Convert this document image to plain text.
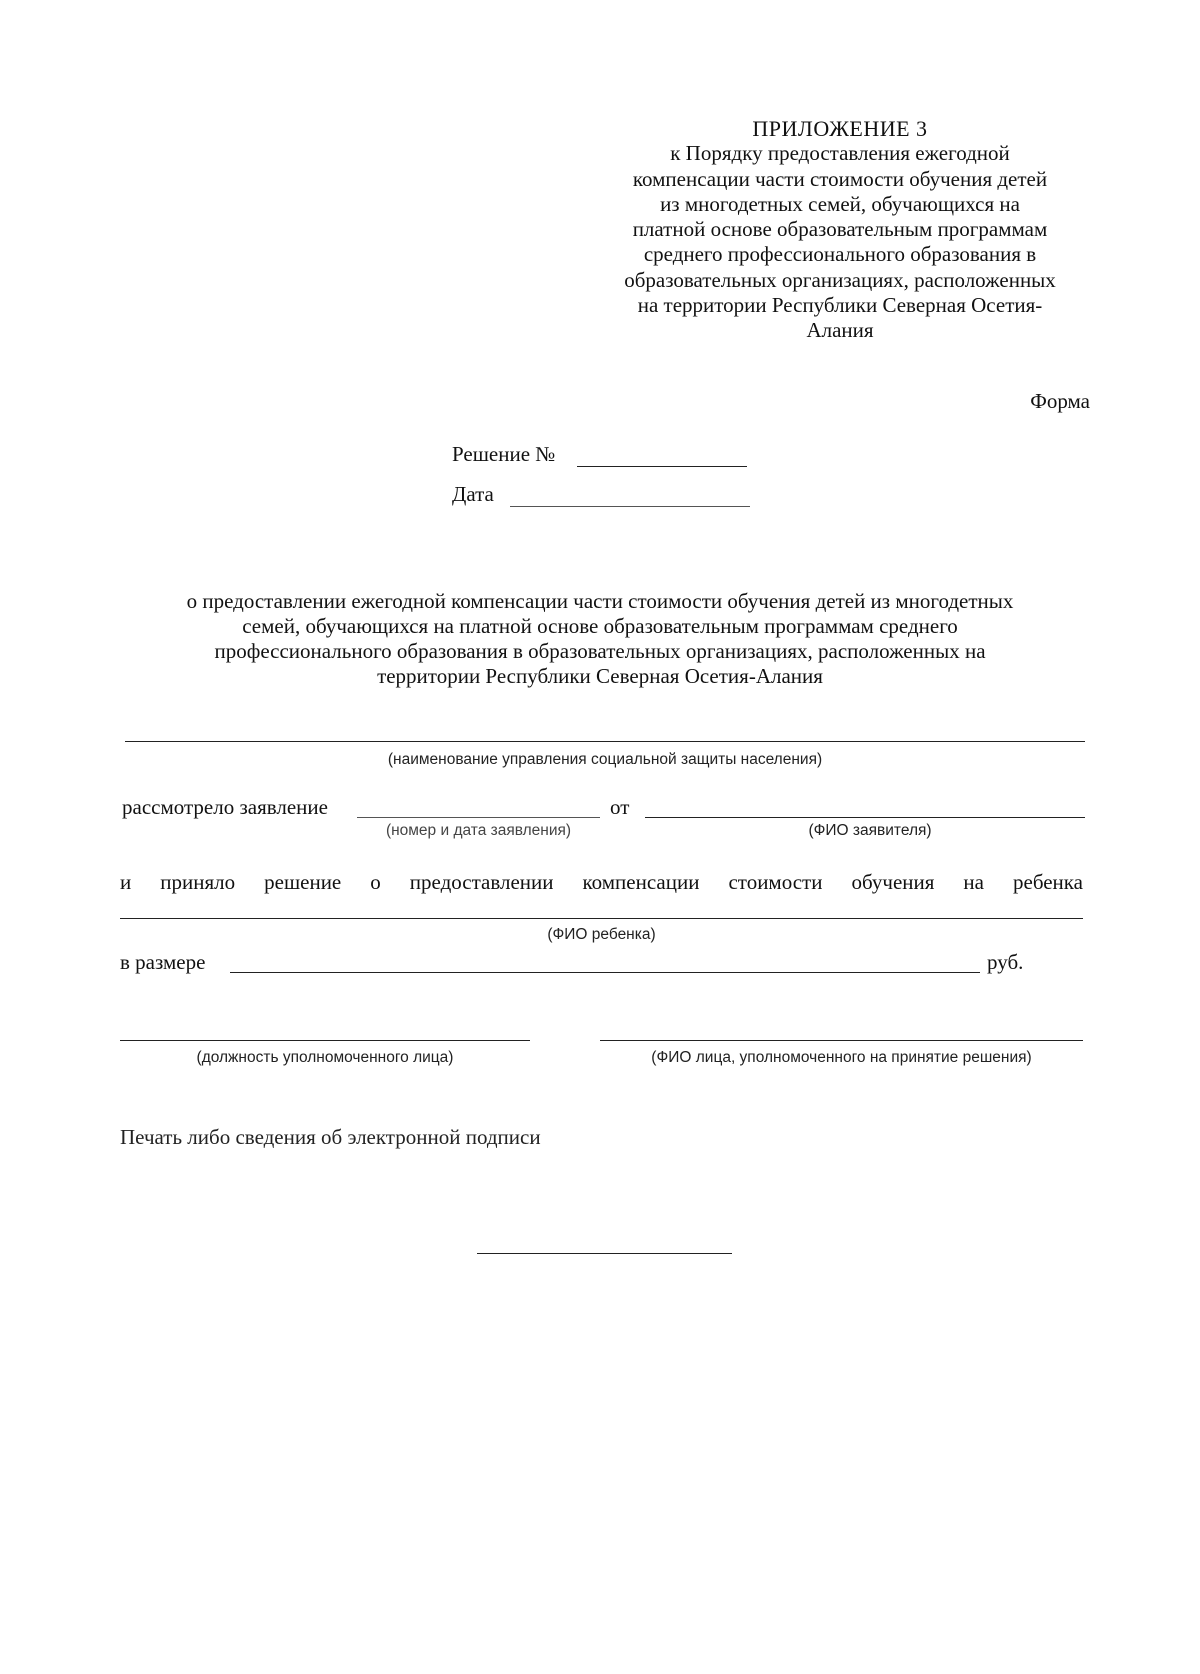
ПРИЛОЖЕНИЕ 3
к Порядку предоставления ежегодной
компенсации части стоимости обучения детей
из многодетных семей, обучающихся на
платной основе образовательным программам
среднего профессионального образования в
образовательных организациях, расположенных
на территории Республики Северная Осетия-
Алания
Форма
Решение №
Дата
о предоставлении ежегодной компенсации части стоимости обучения детей из многодетных
семей, обучающихся на платной основе образовательным программам среднего
профессионального образования в образовательных организациях, расположенных на
территории Республики Северная Осетия-Алания
(наименование управления социальной защиты населения)
рассмотрело заявление	от
(номер и дата заявления)	(ФИО заявителя)
и приняло решение о предоставлении компенсации стоимости обучения на ребенка
(ФИО ребенка)
в размере	руб.
(должность уполномоченного лица)	(ФИО лица, уполномоченного на принятие решения)
Печать либо сведения об электронной подписи
